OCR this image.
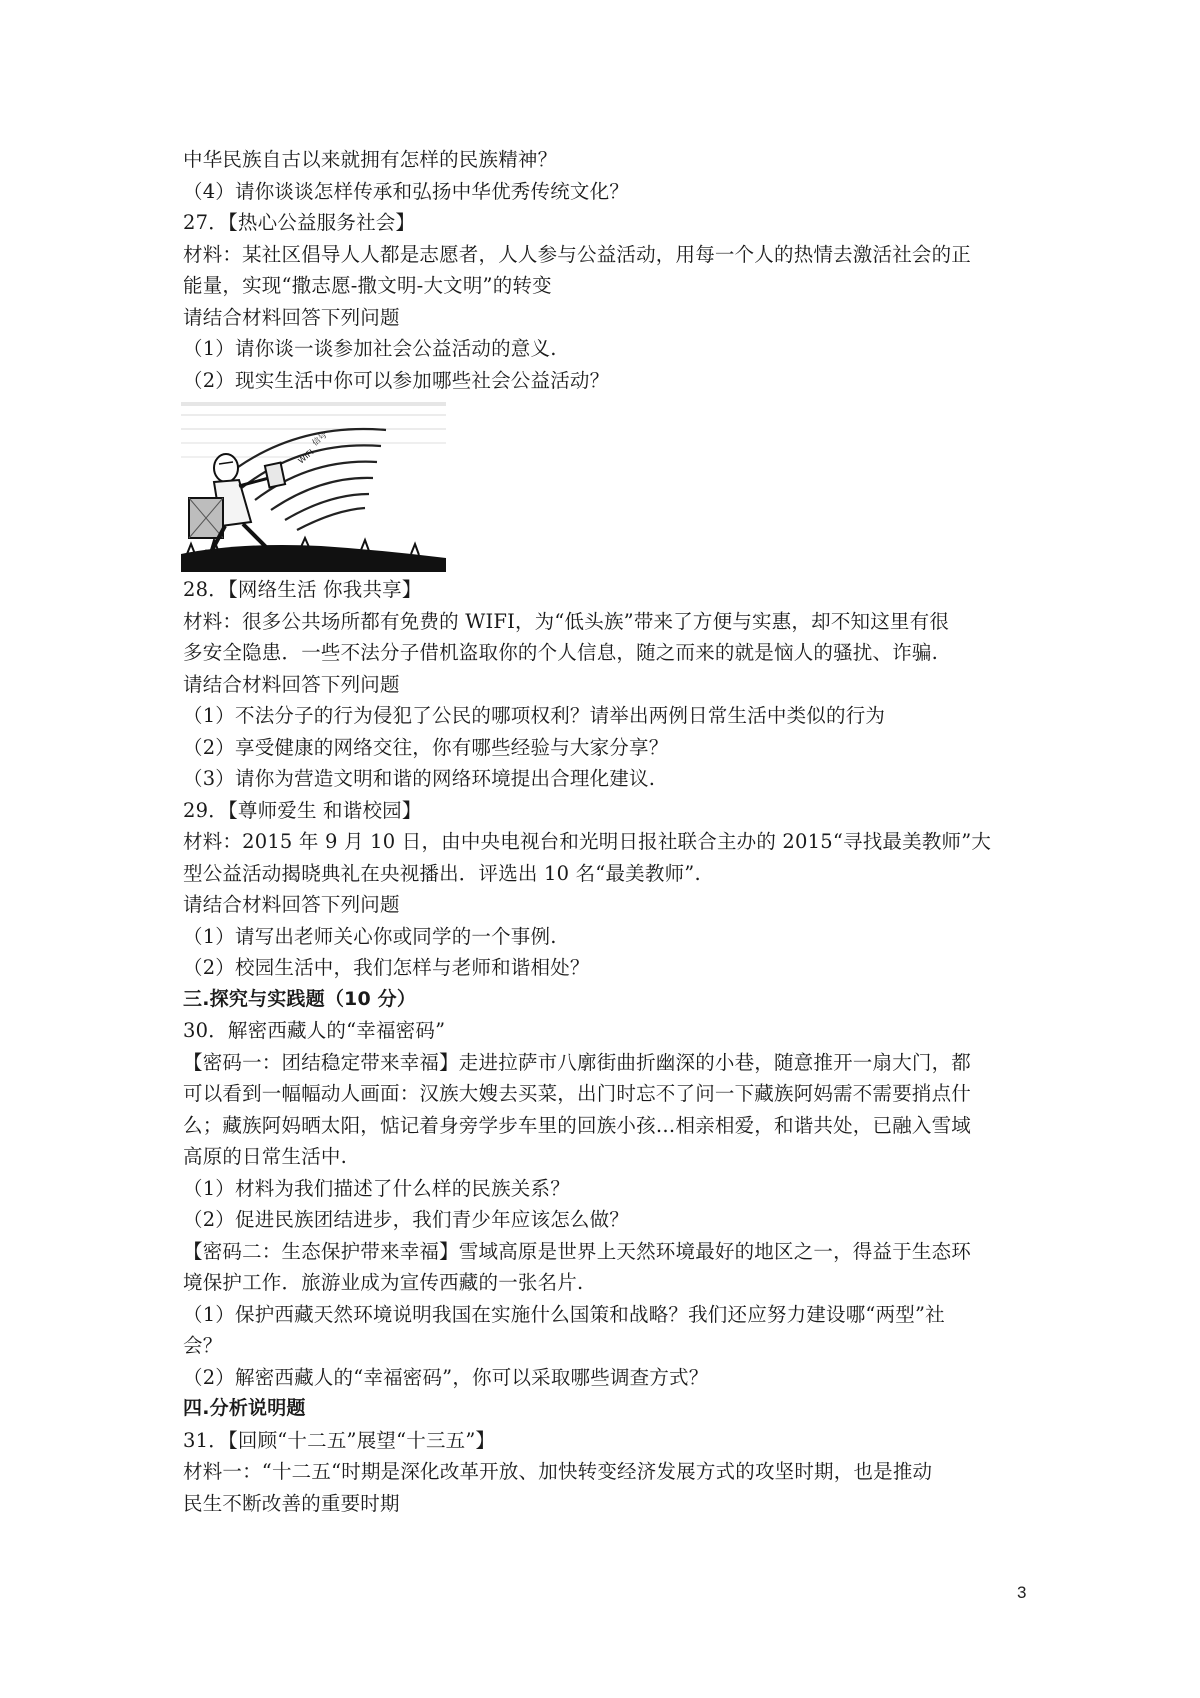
中华民族自古以来就拥有怎样的民族精神？
（4）请你谈谈怎样传承和弘扬中华优秀传统文化？
27．【热心公益服务社会】
材料：某社区倡导人人都是志愿者，人人参与公益活动，用每一个人的热情去激活社会的正
能量，实现“撒志愿-撒文明-大文明”的转变
请结合材料回答下列问题
（1）请你谈一谈参加社会公益活动的意义.
（2）现实生活中你可以参加哪些社会公益活动？
WIFI
信号
28．【网络生活 你我共享】
材料：很多公共场所都有免费的 WIFI，为“低头族”带来了方便与实惠，却不知这里有很
多安全隐患．一些不法分子借机盗取你的个人信息，随之而来的就是恼人的骚扰、诈骗.
请结合材料回答下列问题
（1）不法分子的行为侵犯了公民的哪项权利？请举出两例日常生活中类似的行为
（2）享受健康的网络交往，你有哪些经验与大家分享？
（3）请你为营造文明和谐的网络环境提出合理化建议.
29．【尊师爱生 和谐校园】
材料：2015 年 9 月 10 日，由中央电视台和光明日报社联合主办的 2015“寻找最美教师”大
型公益活动揭晓典礼在央视播出．评选出 10 名“最美教师”.
请结合材料回答下列问题
（1）请写出老师关心你或同学的一个事例.
（2）校园生活中，我们怎样与老师和谐相处？
三.探究与实践题（10 分）
30．解密西藏人的“幸福密码”
【密码一：团结稳定带来幸福】走进拉萨市八廓街曲折幽深的小巷，随意推开一扇大门，都
可以看到一幅幅动人画面：汉族大嫂去买菜，出门时忘不了问一下藏族阿妈需不需要捎点什
么；藏族阿妈晒太阳，惦记着身旁学步车里的回族小孩…相亲相爱，和谐共处，已融入雪域
高原的日常生活中.
（1）材料为我们描述了什么样的民族关系？
（2）促进民族团结进步，我们青少年应该怎么做？
【密码二：生态保护带来幸福】雪域高原是世界上天然环境最好的地区之一，得益于生态环
境保护工作．旅游业成为宣传西藏的一张名片.
（1）保护西藏天然环境说明我国在实施什么国策和战略？我们还应努力建设哪“两型”社
会？
（2）解密西藏人的“幸福密码”，你可以采取哪些调查方式？
四.分析说明题
31．【回顾“十二五”展望“十三五”】
材料一：“十二五“时期是深化改革开放、加快转变经济发展方式的攻坚时期，也是推动
民生不断改善的重要时期
3
